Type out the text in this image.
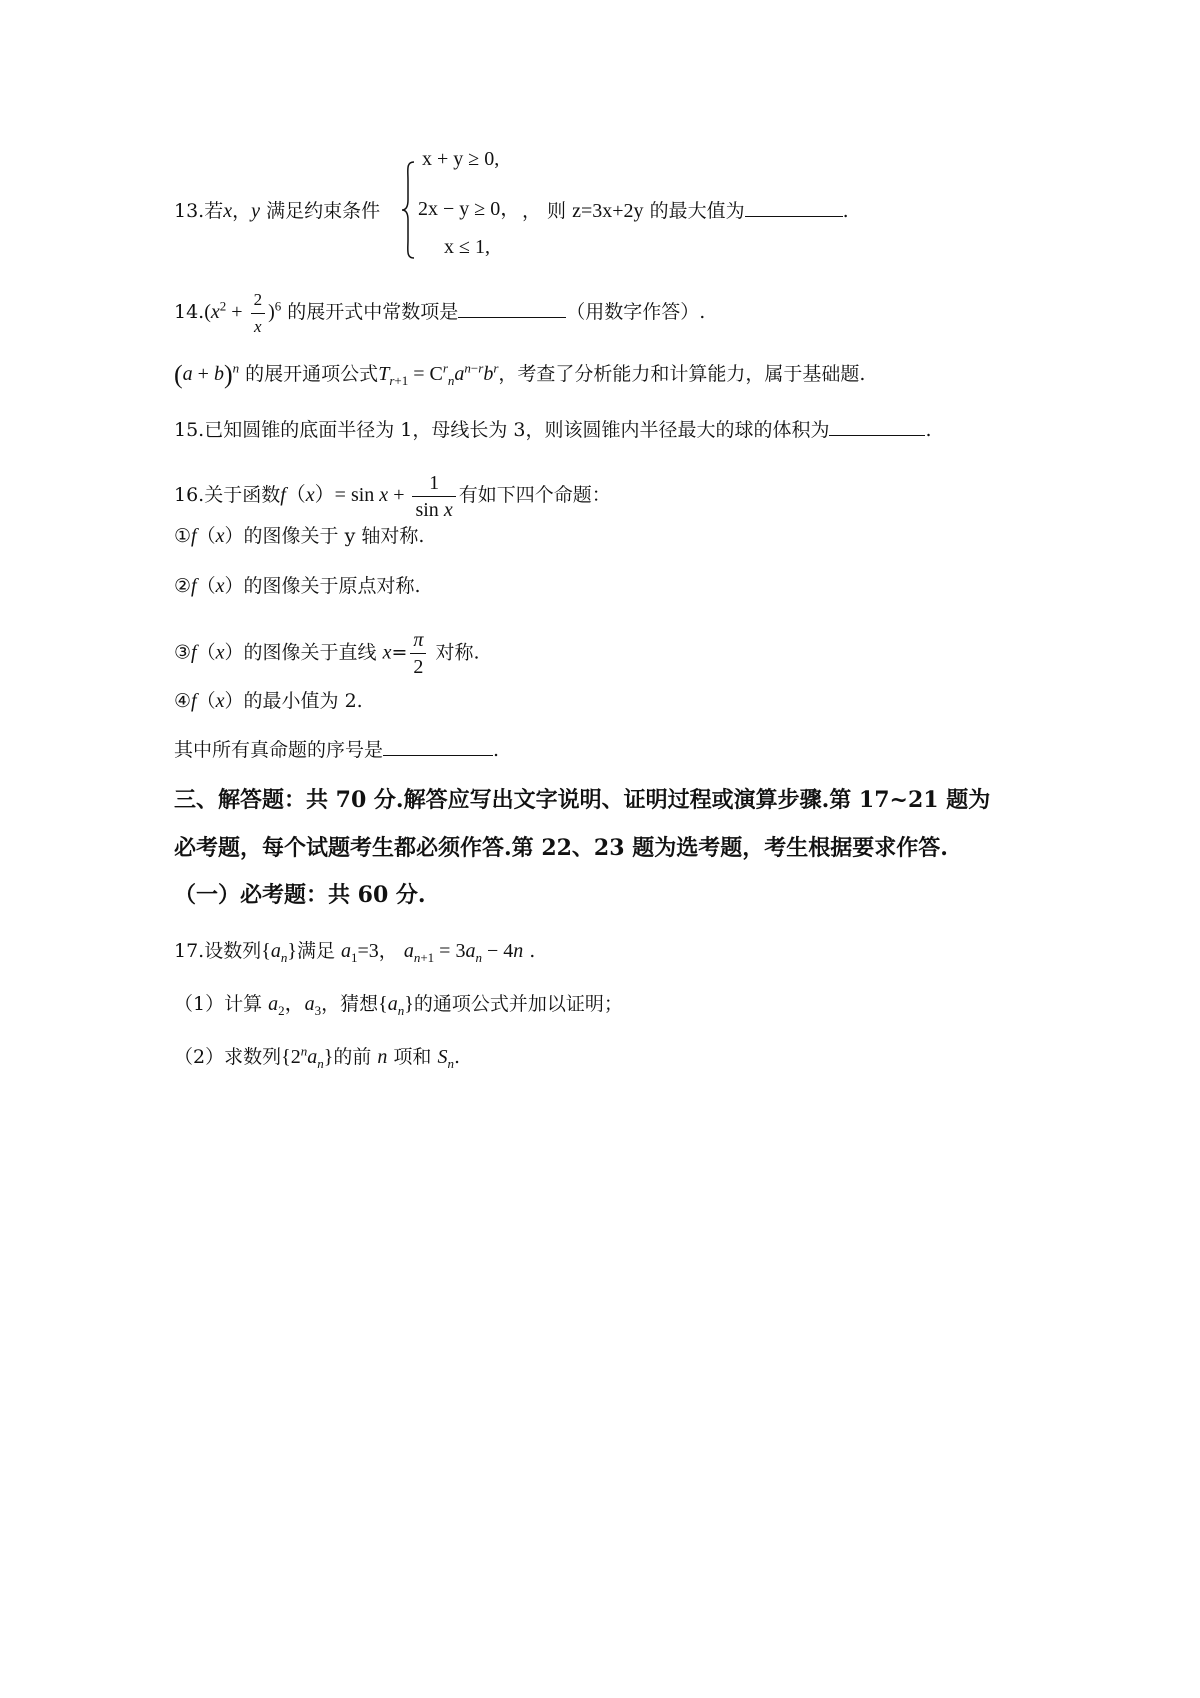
13.若x，y 满足约束条件
x + y ≥ 0,
2x − y ≥ 0，
x ≤ 1,
， 则 z=3x+2y 的最大值为	.
$14.(x^2 + \frac{2}{x} )^6$ 的展开式中常数项是	（用数字作答）.
$(a + b)^n$ 的展开通项公式$T_{r+1} = C^r_na^{n-r}b^r$，考查了分析能力和计算能力，属于基础题.
15.已知圆锥的底面半径为 1，母线长为 3，则该圆锥内半径最大的球的体积为	.
16.关于函数$f(x)= \sin x + \frac{1}{\text{sin x}}$ 有如下四个命题：
①f（x）的图像关于 y 轴对称.
②f（x）的图像关于原点对称.
③f（x）的图像关于直线 $x= \frac{\pi}{2}$ 对称.
④f（x）的最小值为 2.
其中所有真命题的序号是	.
三、解答题：共 70 分.解答应写出文字说明、证明过程或演算步骤.第 17~21 题为
必考题，每个试题考生都必须作答.第 22、23 题为选考题，考生根据要求作答.
（一）必考题：共 60 分.
17.设数列$\{a_n\}$满足 $a_1=3$， $a_{n+1} = 3a_n - 4n$ .
（1）计算 $a_2$，$a_3$，猜想$\{a_n\}$的通项公式并加以证明；
（2）求数列$\{2^na_n\}$的前 n 项和 $S_n$.
